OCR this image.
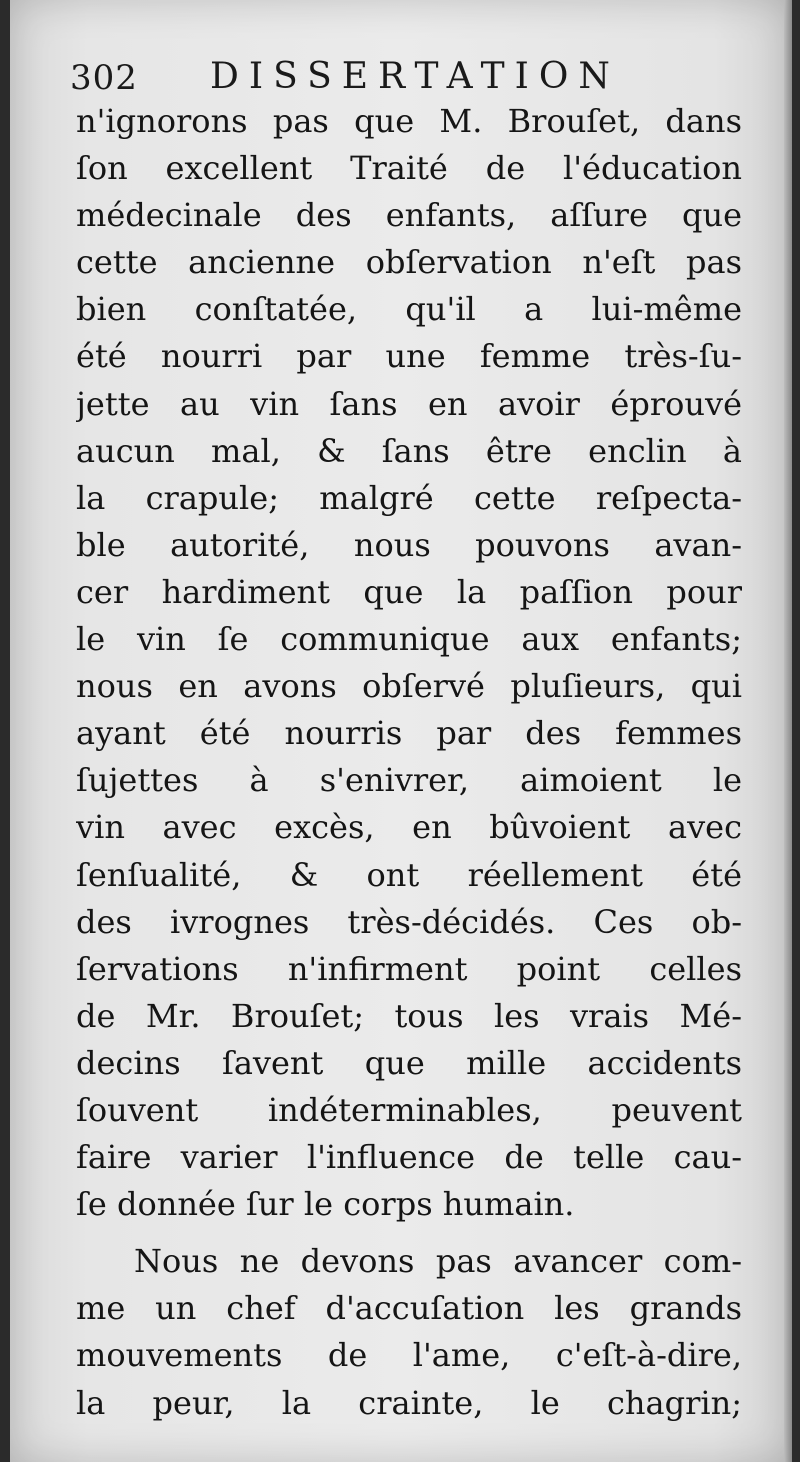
302 DISSERTATION
n'ignorons pas que M. Brouſet, dans
ſon excellent Traité de l'éducation
médecinale des enfants, aſſure que
cette ancienne obſervation n'eſt pas
bien conſtatée, qu'il a lui-même
été nourri par une femme très-ſu-
jette au vin ſans en avoir éprouvé
aucun mal, & ſans être enclin à
la crapule; malgré cette reſpecta-
ble autorité, nous pouvons avan-
cer hardiment que la paſſion pour
le vin ſe communique aux enfants;
nous en avons obſervé pluſieurs, qui
ayant été nourris par des femmes
ſujettes à s'enivrer, aimoient le
vin avec excès, en bûvoient avec
ſenſualité, & ont réellement été
des ivrognes très-décidés. Ces ob-
ſervations n'infirment point celles
de Mr. Brouſet; tous les vrais Mé-
decins ſavent que mille accidents
ſouvent indéterminables, peuvent
faire varier l'influence de telle cau-
ſe donnée ſur le corps humain.
Nous ne devons pas avancer com-
me un chef d'accuſation les grands
mouvements de l'ame, c'eſt-à-dire,
la peur, la crainte, le chagrin;
